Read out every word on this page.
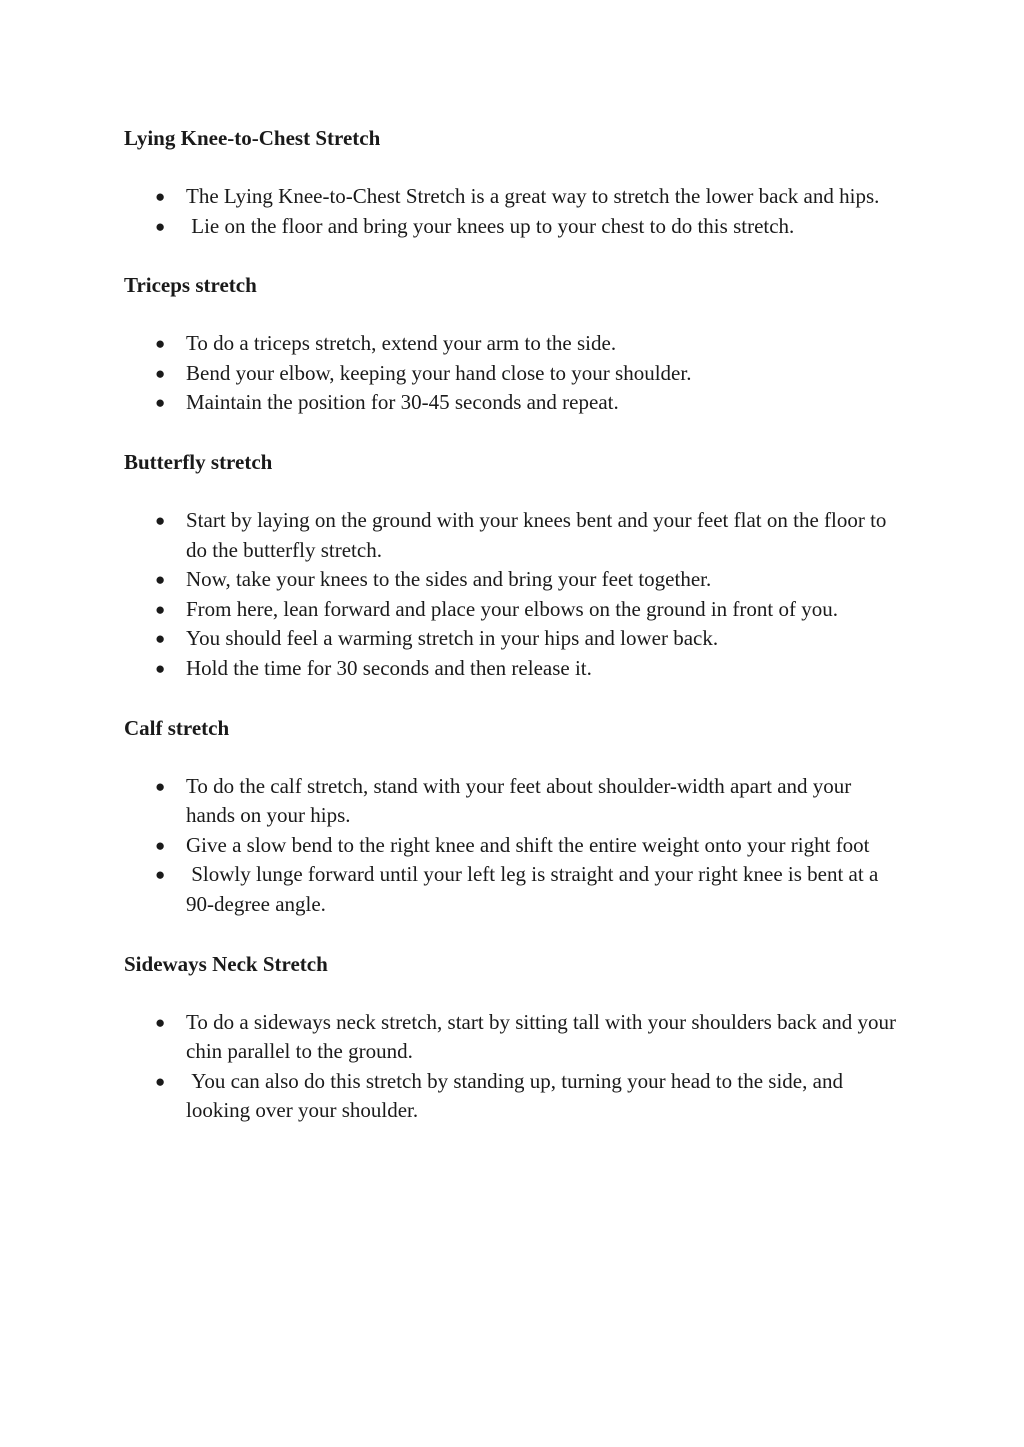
Lying Knee-to-Chest Stretch
● The Lying Knee-to-Chest Stretch is a great way to stretch the lower back and hips.
● Lie on the floor and bring your knees up to your chest to do this stretch.
Triceps stretch
● To do a triceps stretch, extend your arm to the side.
● Bend your elbow, keeping your hand close to your shoulder.
● Maintain the position for 30-45 seconds and repeat.
Butterfly stretch
● Start by laying on the ground with your knees bent and your feet flat on the floor to do the butterfly stretch.
● Now, take your knees to the sides and bring your feet together.
● From here, lean forward and place your elbows on the ground in front of you.
● You should feel a warming stretch in your hips and lower back.
● Hold the time for 30 seconds and then release it.
Calf stretch
● To do the calf stretch, stand with your feet about shoulder-width apart and your hands on your hips.
● Give a slow bend to the right knee and shift the entire weight onto your right foot
● Slowly lunge forward until your left leg is straight and your right knee is bent at a 90-degree angle.
Sideways Neck Stretch
● To do a sideways neck stretch, start by sitting tall with your shoulders back and your chin parallel to the ground.
● You can also do this stretch by standing up, turning your head to the side, and looking over your shoulder.
